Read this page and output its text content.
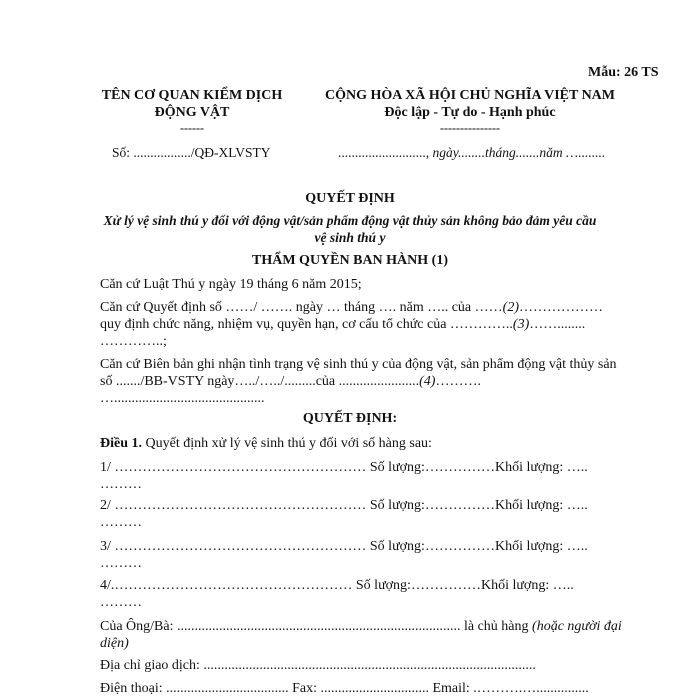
Mẫu: 26 TS
TÊN CƠ QUAN KIỂM DỊCH
ĐỘNG VẬT
------
Số: ................./QĐ-XLVSTY
CỘNG HÒA XÃ HỘI CHỦ NGHĨA VIỆT NAM
Độc lập - Tự do - Hạnh phúc
---------------
.........................., ngày........tháng.......năm …........
QUYẾT ĐỊNH
Xử lý vệ sinh thú y đối với động vật/sản phẩm động vật thủy sản không bảo đảm yêu cầu
vệ sinh thú y
THẨM QUYỀN BAN HÀNH (1)
Căn cứ Luật Thú y ngày 19 tháng 6 năm 2015;
Căn cứ Quyết định số ……/ ……. ngày … tháng …. năm ….. của ……(2)………………
quy định chức năng, nhiệm vụ, quyền hạn, cơ cấu tổ chức của …………..(3)……........
…………..;
Căn cứ Biên bản ghi nhận tình trạng vệ sinh thú y của động vật, sản phẩm động vật thủy sản
số ......./BB-VSTY ngày…../…../.........của .......................(4)……….
…...........................................
QUYẾT ĐỊNH:
Điều 1. Quyết định xử lý vệ sinh thú y đối với số hàng sau:
1/ ……………………………………………… Số lượng:……………Khối lượng: …..
………
2/ ……………………………………………… Số lượng:……………Khối lượng: …..
………
3/ ……………………………………………… Số lượng:……………Khối lượng: …..
………
4/.…………………………………………… Số lượng:……………Khối lượng: …..
………
Của Ông/Bà: ................................................................................. là chủ hàng (hoặc người đại
diện)
Địa chỉ giao dịch: ...............................................................................................
Điện thoại: ................................... Fax: ............................... Email: .……….…...............
